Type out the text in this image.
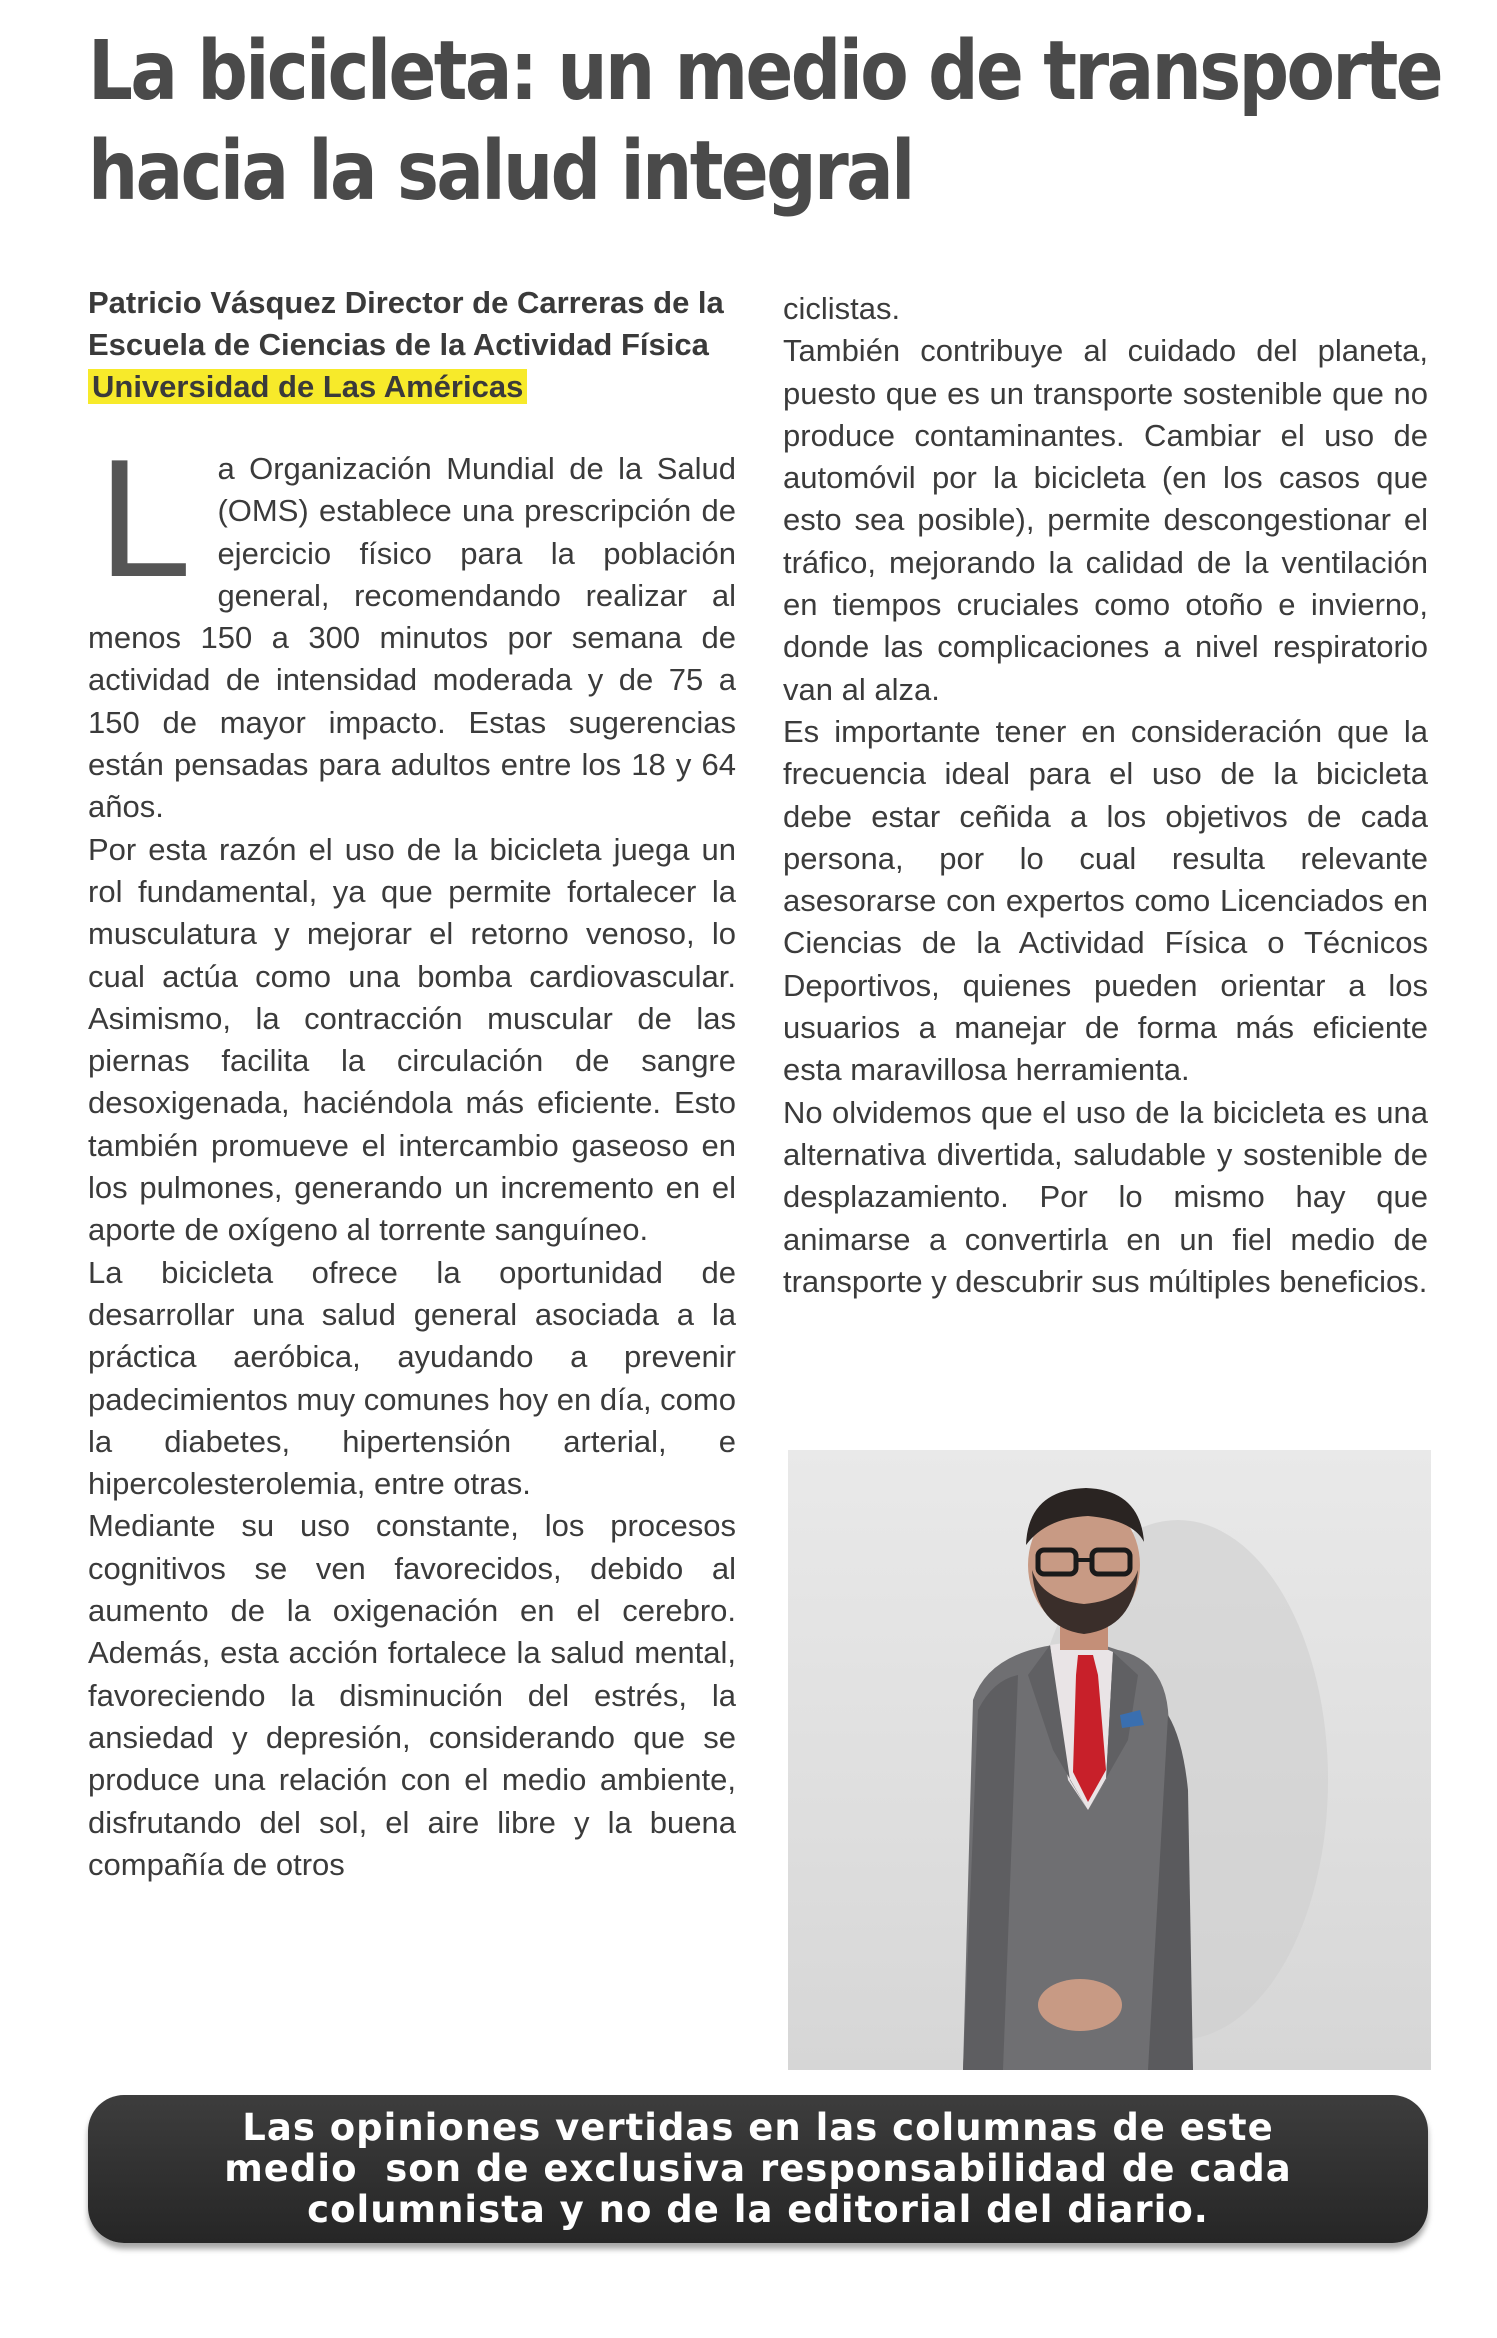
La bicicleta: un medio de transporte
hacia la salud integral
Patricio Vásquez Director de Carreras de la Escuela de Ciencias de la Actividad Física Universidad de Las Américas

La Organización Mundial de la Salud (OMS) establece una prescripción de ejercicio físico para la población general, recomendando realizar al menos 150 a 300 minutos por semana de actividad de intensidad moderada y de 75 a 150 de mayor impacto. Estas sugerencias están pensadas para adultos entre los 18 y 64 años.

Por esta razón el uso de la bicicleta juega un rol fundamental, ya que permite fortalecer la musculatura y mejorar el retorno venoso, lo cual actúa como una bomba cardiovascular. Asimismo, la contracción muscular de las piernas facilita la circulación de sangre desoxigenada, haciéndola más eficiente. Esto también promueve el intercambio gaseoso en los pulmones, generando un incremento en el aporte de oxígeno al torrente sanguíneo.

La bicicleta ofrece la oportunidad de desarrollar una salud general asociada a la práctica aeróbica, ayudando a prevenir padecimientos muy comunes hoy en día, como la diabetes, hipertensión arterial, e hipercolesterolemia, entre otras.

Mediante su uso constante, los procesos cognitivos se ven favorecidos, debido al aumento de la oxigenación en el cerebro. Además, esta acción fortalece la salud mental, favoreciendo la disminución del estrés, la ansiedad y depresión, considerando que se produce una relación con el medio ambiente, disfrutando del sol, el aire libre y la buena compañía de otros

ciclistas.

También contribuye al cuidado del planeta, puesto que es un transporte sostenible que no produce contaminantes. Cambiar el uso de automóvil por la bicicleta (en los casos que esto sea posible), permite descongestionar el tráfico, mejorando la calidad de la ventilación en tiempos cruciales como otoño e invierno, donde las complicaciones a nivel respiratorio van al alza.

Es importante tener en consideración que la frecuencia ideal para el uso de la bicicleta debe estar ceñida a los objetivos de cada persona, por lo cual resulta relevante asesorarse con expertos como Licenciados en Ciencias de la Actividad Física o Técnicos Deportivos, quienes pueden orientar a los usuarios a manejar de forma más eficiente esta maravillosa herramienta.

No olvidemos que el uso de la bicicleta es una alternativa divertida, saludable y sostenible de desplazamiento. Por lo mismo hay que animarse a convertirla en un fiel medio de transporte y descubrir sus múltiples beneficios.

Las opiniones vertidas en las columnas de este
medio  son de exclusiva responsabilidad de cada
columnista y no de la editorial del diario.
